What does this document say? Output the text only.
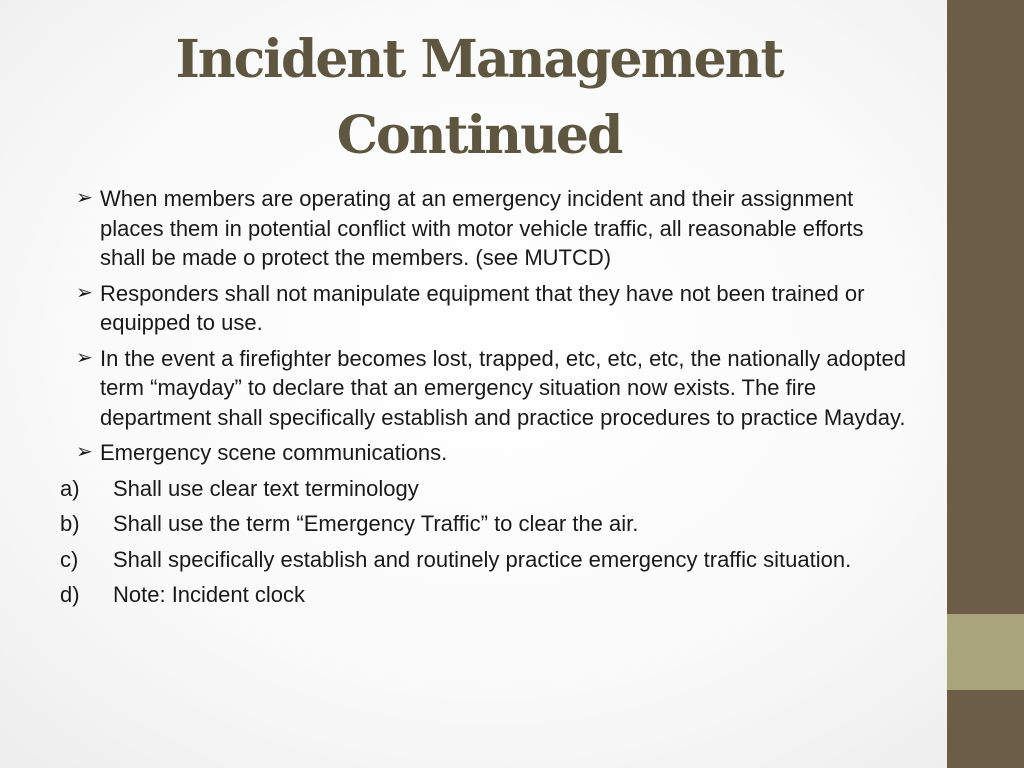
Incident Management
Continued
➢ When members are operating at an emergency incident and their assignment places them in potential conflict with motor vehicle traffic, all reasonable efforts shall be made o protect the members. (see MUTCD)
➢ Responders shall not manipulate equipment that they have not been trained or equipped to use.
➢ In the event a firefighter becomes lost, trapped, etc, etc, etc, the nationally adopted term “mayday” to declare that an emergency situation now exists. The fire department shall specifically establish and practice procedures to practice Mayday.
➢ Emergency scene communications.
a) Shall use clear text terminology
b) Shall use the term “Emergency Traffic” to clear the air.
c) Shall specifically establish and routinely practice emergency traffic situation.
d) Note: Incident clock
